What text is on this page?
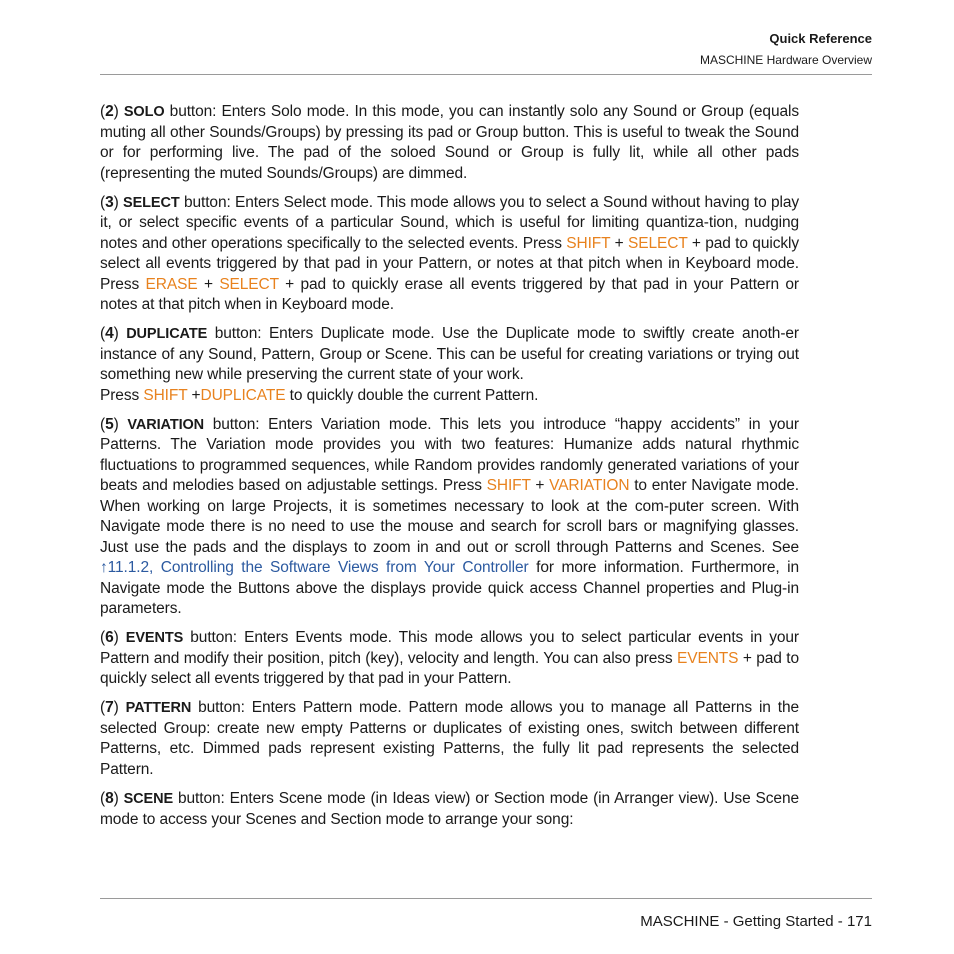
Quick Reference
MASCHINE Hardware Overview

(2) SOLO button: Enters Solo mode. In this mode, you can instantly solo any Sound or Group (equals muting all other Sounds/Groups) by pressing its pad or Group button. This is useful to tweak the Sound or for performing live. The pad of the soloed Sound or Group is fully lit, while all other pads (representing the muted Sounds/Groups) are dimmed.

(3) SELECT button: Enters Select mode. This mode allows you to select a Sound without having to play it, or select specific events of a particular Sound, which is useful for limiting quantiza-tion, nudging notes and other operations specifically to the selected events. Press SHIFT + SELECT + pad to quickly select all events triggered by that pad in your Pattern, or notes at that pitch when in Keyboard mode. Press ERASE + SELECT + pad to quickly erase all events triggered by that pad in your Pattern or notes at that pitch when in Keyboard mode.

(4) DUPLICATE button: Enters Duplicate mode. Use the Duplicate mode to swiftly create anoth-er instance of any Sound, Pattern, Group or Scene. This can be useful for creating variations or trying out something new while preserving the current state of your work.
Press SHIFT +DUPLICATE to quickly double the current Pattern.

(5) VARIATION button: Enters Variation mode. This lets you introduce “happy accidents” in your Patterns. The Variation mode provides you with two features: Humanize adds natural rhythmic fluctuations to programmed sequences, while Random provides randomly generated variations of your beats and melodies based on adjustable settings. Press SHIFT + VARIATION to enter Navigate mode. When working on large Projects, it is sometimes necessary to look at the com-puter screen. With Navigate mode there is no need to use the mouse and search for scroll bars or magnifying glasses. Just use the pads and the displays to zoom in and out or scroll through Patterns and Scenes. See ↑11.1.2, Controlling the Software Views from Your Controller for more information. Furthermore, in Navigate mode the Buttons above the displays provide quick access Channel properties and Plug-in parameters.

(6) EVENTS button: Enters Events mode. This mode allows you to select particular events in your Pattern and modify their position, pitch (key), velocity and length. You can also press EVENTS + pad to quickly select all events triggered by that pad in your Pattern.

(7) PATTERN button: Enters Pattern mode. Pattern mode allows you to manage all Patterns in the selected Group: create new empty Patterns or duplicates of existing ones, switch between different Patterns, etc. Dimmed pads represent existing Patterns, the fully lit pad represents the selected Pattern.

(8) SCENE button: Enters Scene mode (in Ideas view) or Section mode (in Arranger view). Use Scene mode to access your Scenes and Section mode to arrange your song:

MASCHINE - Getting Started - 171
